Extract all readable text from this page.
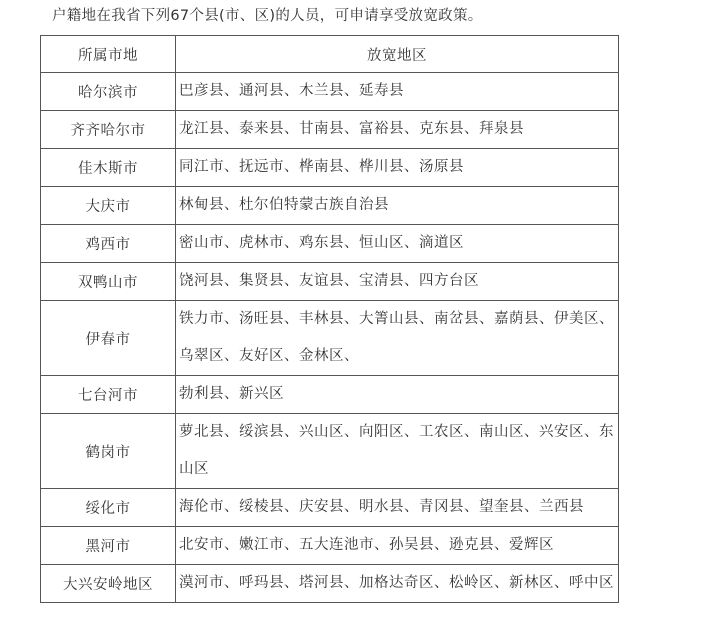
户籍地在我省下列67个县(市、区)的人员，可申请享受放宽政策。
所属市地	放宽地区
哈尔滨市	巴彦县、通河县、木兰县、延寿县
齐齐哈尔市	龙江县、泰来县、甘南县、富裕县、克东县、拜泉县
佳木斯市	同江市、抚远市、桦南县、桦川县、汤原县
大庆市	林甸县、杜尔伯特蒙古族自治县
鸡西市	密山市、虎林市、鸡东县、恒山区、滴道区
双鸭山市	饶河县、集贤县、友谊县、宝清县、四方台区
伊春市	铁力市、汤旺县、丰林县、大箐山县、南岔县、嘉荫县、伊美区、乌翠区、友好区、金林区、
七台河市	勃利县、新兴区
鹤岗市	萝北县、绥滨县、兴山区、向阳区、工农区、南山区、兴安区、东山区
绥化市	海伦市、绥棱县、庆安县、明水县、青冈县、望奎县、兰西县
黑河市	北安市、嫩江市、五大连池市、孙吴县、逊克县、爱辉区
大兴安岭地区	漠河市、呼玛县、塔河县、加格达奇区、松岭区、新林区、呼中区
